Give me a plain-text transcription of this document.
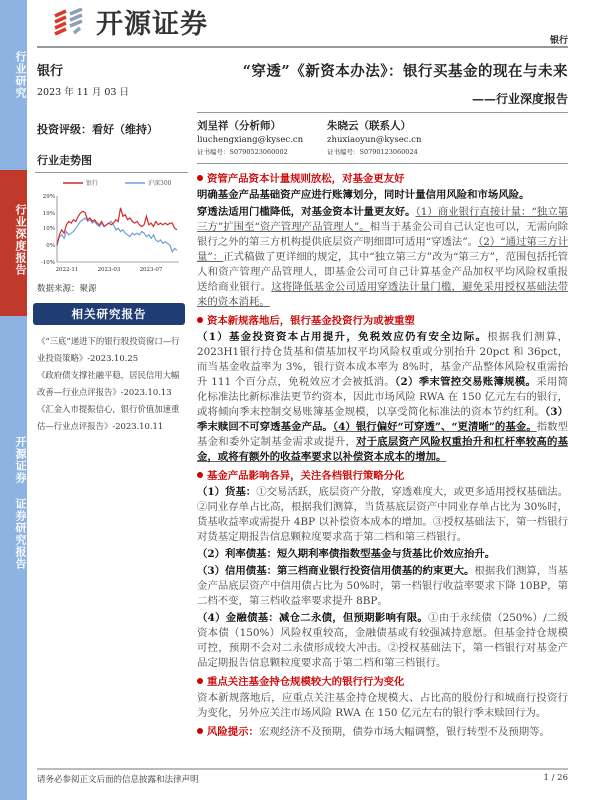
行业研究
行业深度报告
开源证券 证券研究报告
开源证券
银行
银行
2023 年 11 月 03 日
“穿透”《新资本办法》：银行买基金的现在与未来
——行业深度报告
投资评级：看好（维持）	刘呈祥（分析师）
liuchengxiang@kysec.cn
证书编号：S0790523060002
朱晓云（联系人）
zhuxiaoyun@kysec.cn
证书编号：S0790123060024
行业走势图
-10%
0%
10%
19%
29%
2022-11	2023-03	2023-07
银行	沪深300
数据来源：聚源
相关研究报告
《“三底”递进下的银行股投资窗口—行业投资策略》-2023.10.25
《政府债支撑社融平稳，居民信用大幅改善—行业点评报告》-2023.10.13
《汇金入市提振信心，银行价值加速重估—行业点评报告》-2023.10.11
资管产品资本计量规则放松，对基金更友好
明确基金产品基础资产应进行账簿划分，同时计量信用风险和市场风险。
穿透法适用门槛降低，对基金资本计量更友好。（1）商业银行直接计量：“独立第三方”扩围至“资产管理产品管理人”。相当于基金公司自己认定也可以，无需向除银行之外的第三方机构提供底层资产明细即可适用“穿透法”。（2）“通过第三方计量”：正式稿做了更详细的规定，其中“独立第三方”改为“第三方”，范围包括托管人和资产管理产品管理人，即基金公司可自己计算基金产品加权平均风险权重报送给商业银行。这将降低基金公司适用穿透法计量门槛，避免采用授权基础法带来的资本消耗。
资本新规落地后，银行基金投资行为或被重塑
（1）基金投资资本占用提升，免税效应仍有安全边际。根据我们测算，2023H1银行持仓货基和债基加权平均风险权重或分别抬升 20pct 和 36pct，而当基金收益率为 3%，银行资本成本率为 8%时，基金产品整体风险权重需抬升 111 个百分点，免税效应才会被抵消。（2）季末管控交易账簿规模。采用简化标准法比新标准法更节约资本，因此市场风险 RWA 在 150 亿元左右的银行，或将倾向季末控制交易账簿基金规模，以享受简化标准法的资本节约红利。（3）季末赎回不可穿透基金产品。（4）银行偏好“可穿透”、“更清晰”的基金。指数型基金和委外定制基金需求或提升，对于底层资产风险权重抬升和杠杆率较高的基金，或将有额外的收益率要求以补偿资本成本的增加。
基金产品影响各异，关注各档银行策略分化
（1）货基：①交易活跃，底层资产分散，穿透难度大，或更多适用授权基础法。②同业存单占比高，根据我们测算，当货基底层资产中同业存单占比为 30%时，货基收益率或需提升 4BP 以补偿资本成本的增加。③授权基础法下，第一档银行对货基定期报告信息颗粒度要求高于第二档和第三档银行。
（2）利率债基：短久期利率债指数型基金与货基比价效应抬升。
（3）信用债基：第三档商业银行投资信用债基的約束更大。根据我们测算，当基金产品底层资产中信用债占比为 50%时，第一档银行收益率要求下降 10BP，第二档不变，第三档收益率要求提升 8BP。
（4）金融债基：减仓二永债，但预期影响有限。①由于永续债（250%）/二级资本债（150%）风险权重较高，金融债基或有较强减持意愿。但基金持仓规模可控，预期不会对二永债形成较大冲击。②授权基础法下，第一档银行对基金产品定期报告信息颗粒度要求高于第二档和第三档银行。
重点关注基金持仓规模较大的银行行为变化
资本新规落地后，应重点关注基金持仓规模大、占比高的股份行和城商行投资行为变化，另外应关注市场风险 RWA 在 150 亿元左右的银行季末赎回行为。
风险提示：宏观经济不及预期，债券市场大幅调整，银行转型不及预期等。
请务必参阅正文后面的信息披露和法律声明	1 / 26
